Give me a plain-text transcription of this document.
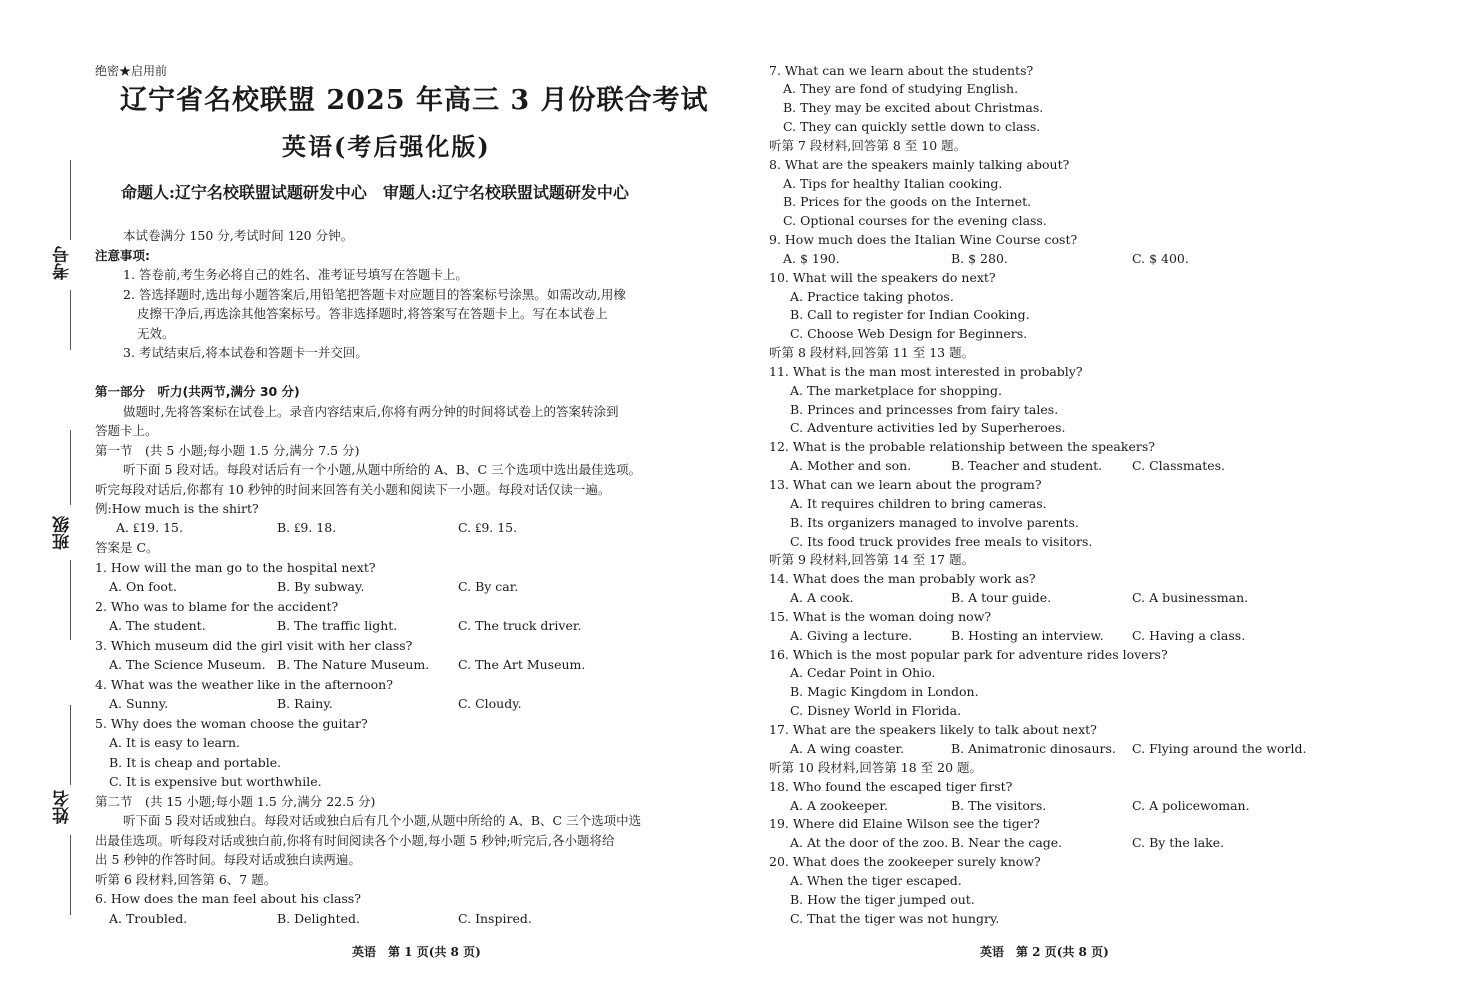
考号
班级
姓名
绝密★启用前
辽宁省名校联盟 2025 年高三 3 月份联合考试
英语(考后强化版)
命题人:辽宁名校联盟试题研发中心　审题人:辽宁名校联盟试题研发中心
本试卷满分 150 分,考试时间 120 分钟。
注意事项:
1. 答卷前,考生务必将自己的姓名、准考证号填写在答题卡上。
2. 答选择题时,选出每小题答案后,用铅笔把答题卡对应题目的答案标号涂黑。如需改动,用橡
皮擦干净后,再选涂其他答案标号。答非选择题时,将答案写在答题卡上。写在本试卷上
无效。
3. 考试结束后,将本试卷和答题卡一并交回。
第一部分　听力(共两节,满分 30 分)
做题时,先将答案标在试卷上。录音内容结束后,你将有两分钟的时间将试卷上的答案转涂到
答题卡上。
第一节　(共 5 小题;每小题 1.5 分,满分 7.5 分)
听下面 5 段对话。每段对话后有一个小题,从题中所给的 A、B、C 三个选项中选出最佳选项。
听完每段对话后,你都有 10 秒钟的时间来回答有关小题和阅读下一小题。每段对话仅读一遍。
例:How much is the shirt?
A. ₤19. 15.	B. ₤9. 18.	C. ₤9. 15.
答案是 C。
1. How will the man go to the hospital next?
A. On foot.	B. By subway.	C. By car.
2. Who was to blame for the accident?
A. The student.	B. The traffic light.	C. The truck driver.
3. Which museum did the girl visit with her class?
A. The Science Museum. B. The Nature Museum. C. The Art Museum.
4. What was the weather like in the afternoon?
A. Sunny.	B. Rainy.	C. Cloudy.
5. Why does the woman choose the guitar?
A. It is easy to learn.
B. It is cheap and portable.
C. It is expensive but worthwhile.
第二节　(共 15 小题;每小题 1.5 分,满分 22.5 分)
听下面 5 段对话或独白。每段对话或独白后有几个小题,从题中所给的 A、B、C 三个选项中选
出最佳选项。听每段对话或独白前,你将有时间阅读各个小题,每小题 5 秒钟;听完后,各小题将给
出 5 秒钟的作答时间。每段对话或独白读两遍。
听第 6 段材料,回答第 6、7 题。
6. How does the man feel about his class?
A. Troubled.	B. Delighted.	C. Inspired.
英语　第 1 页(共 8 页)
7. What can we learn about the students?
A. They are fond of studying English.
B. They may be excited about Christmas.
C. They can quickly settle down to class.
听第 7 段材料,回答第 8 至 10 题。
8. What are the speakers mainly talking about?
A. Tips for healthy Italian cooking.
B. Prices for the goods on the Internet.
C. Optional courses for the evening class.
9. How much does the Italian Wine Course cost?
A. $ 190.	B. $ 280.	C. $ 400.
10. What will the speakers do next?
A. Practice taking photos.
B. Call to register for Indian Cooking.
C. Choose Web Design for Beginners.
听第 8 段材料,回答第 11 至 13 题。
11. What is the man most interested in probably?
A. The marketplace for shopping.
B. Princes and princesses from fairy tales.
C. Adventure activities led by Superheroes.
12. What is the probable relationship between the speakers?
A. Mother and son.	B. Teacher and student. C. Classmates.
13. What can we learn about the program?
A. It requires children to bring cameras.
B. Its organizers managed to involve parents.
C. Its food truck provides free meals to visitors.
听第 9 段材料,回答第 14 至 17 题。
14. What does the man probably work as?
A. A cook.	B. A tour guide.	C. A businessman.
15. What is the woman doing now?
A. Giving a lecture.	B. Hosting an interview. C. Having a class.
16. Which is the most popular park for adventure rides lovers?
A. Cedar Point in Ohio.
B. Magic Kingdom in London.
C. Disney World in Florida.
17. What are the speakers likely to talk about next?
A. A wing coaster.	B. Animatronic dinosaurs. C. Flying around the world.
听第 10 段材料,回答第 18 至 20 题。
18. Who found the escaped tiger first?
A. A zookeeper.	B. The visitors.	C. A policewoman.
19. Where did Elaine Wilson see the tiger?
A. At the door of the zoo. B. Near the cage.	C. By the lake.
20. What does the zookeeper surely know?
A. When the tiger escaped.
B. How the tiger jumped out.
C. That the tiger was not hungry.
英语　第 2 页(共 8 页)
